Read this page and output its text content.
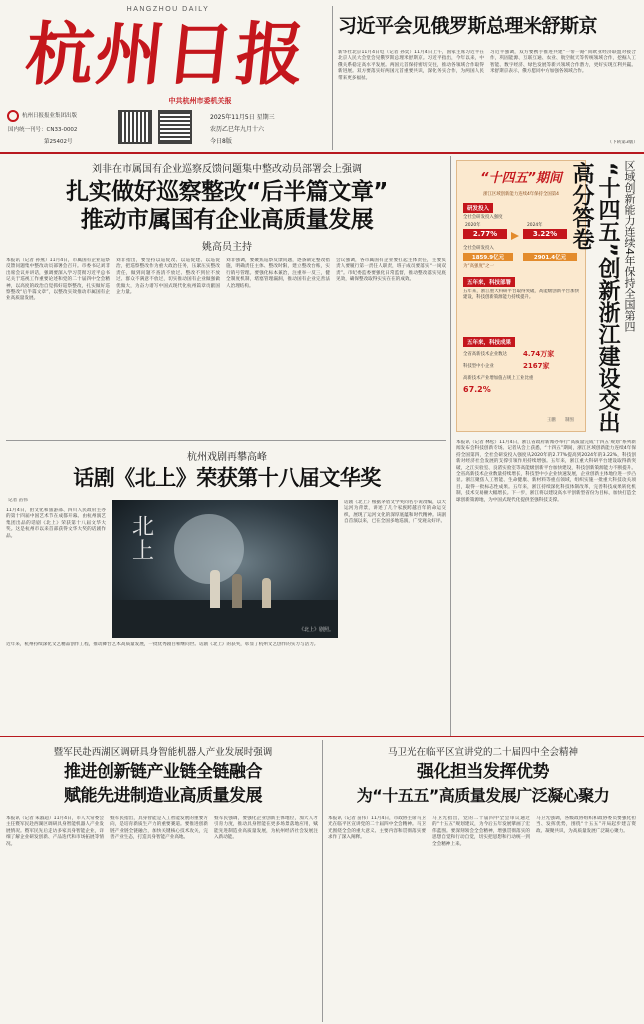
HANGZHOU DAILY
杭州日报
中共杭州市委机关报
杭州日报报业集团出版
国内统一刊号：CN33-0002
第25402号
2025年11月5日 星期三
农历乙巳年九月十六
今日8版
习近平会见俄罗斯总理米舒斯京
新华社北京11月4日电（记者 孙奕）11月4日上午，国家主席习近平在北京人民大会堂会见俄罗斯总理米舒斯京。习近平指出，今年以来，中俄关系稳定高水平发展。两国元首保持密切交往，推动各领域合作取得新进展。双方要落实好两国元首重要共识，深化务实合作，为两国人民带来更多福祉。
习近平强调，双方要携手推进共建“一带一路”同欧亚经济联盟对接合作，巩固能源、互联互通、农业、航空航天等传统领域合作，挖掘人工智能、数字经济、绿色发展等新兴领域合作潜力，更好实现互利共赢。米舒斯京表示，俄方愿同中方加强各领域合作。
（下转第3版）
刘非在市属国有企业巡察反馈问题集中整改动员部署会上强调
扎实做好巡察整改“后半篇文章”
推动市属国有企业高质量发展
姚高员主持
本报讯（记者 孙燕）11月4日，市属国有企业巡察反馈问题集中整改动员部署会召开。市委书记刘非出席会议并讲话，强调要深入学习贯彻习近平总书记关于巡视工作重要论述和党的二十届四中全会精神，以高度的政治自觉抓好巡察整改，扎实做好巡察整改“后半篇文章”，以整改实效推动市属国有企业高质量发展。
刘非指出，要坚持以巡促改、以巡促建、以巡促治，把巡察整改作为重大政治任务，压紧压实整改责任，做到问题不查清不放过、整改不到位不放过、群众不满意不放过，切实推动国有企业做强做优做大，为奋力谱写中国式现代化杭州篇章贡献国企力量。
刘非强调，要聚焦巡察反馈问题，逐条制定整改措施，明确责任主体、整改时限，建立整改台账，实行销号管理。要强化标本兼治，注重举一反三，健全制度机制，堵塞管理漏洞，推动国有企业完善法人治理结构。
会议强调，各市属国有企业要扛起主体责任，主要负责人要履行第一责任人职责，班子成员要落实“一岗双责”。市纪委监委要强化日常监督，推动整改落实见底见效，确保整改取得实实在在的成效。
杭州戏剧再攀高峰
话剧《北上》荣获第十八届文华奖
记者 苗伟
11月4日，由文化和旅游部、四川人民政府主办的第十四届中国艺术节在成都开幕。由杭州演艺集团出品的话剧《北上》荣获第十八届文华大奖。这是杭州市以来首部获得文华大奖的话剧作品。	北上
《北上》剧照。
话剧《北上》根据茅盾文学奖同名小说改编，以大运河为背景，讲述了几个家族跨越百年的命运交织，展现了运河文化的深厚底蕴和时代精神。该剧自首演以来，已在全国多地巡演，广受观众好评。
近年来，杭州持续深化文艺精品创作工程，推动舞台艺术高质量发展，一批优秀剧目相继问世。话剧《北上》的获奖，彰显了杭州文艺创作的实力与活力。
“十四五”期间
浙江区域创新能力连续4年保持全国第4
研发投入
全社会研发投入强度
2020年	2024年
2.77%	3.22%
全社会研发投入
1859.9亿元	2901.4亿元
为“高强度”之一
五年来，科技部署
五年来，浙江重大科研平台取得突破，高能级创新平台加快建设，科技创新策源能力持续提升。
五年来，科技成果
全省高新技术企业数达 4.74万家
科技型中小企业	2167家
高新技术产业增加值占规上工业比重
67.2%
王鹏 制图
区域创新能力连续4年保持全国第四
“十四五”创新浙江建设交出高分答卷
本报讯（记者 林松）11月4日，浙江省政府新闻办举行“高质量完成‘十四五’规划”系列新闻发布会科技创新专场。记者从会上获悉，“十四五”期间，浙江区域创新能力连续4年保持全国第四，全社会研发投入强度从2020年的2.77%提高到2024年的3.22%，科技创新对经济社会发展的支撑引领作用持续增强。五年来，浙江重大科研平台建设取得新突破，之江实验室、良渚实验室等高能级创新平台加快建设，科技创新策源能力不断提升。全省高新技术企业数量持续增长，科技型中小企业快速发展，企业创新主体地位进一步凸显。浙江聚焦人工智能、生命健康、新材料等重点领域，组织实施一批重大科技攻关项目，取得一批标志性成果。五年来，浙江持续深化科技体制改革，完善科技成果转化机制，技术交易额大幅增长。下一步，浙江将以建设高水平创新型省份为目标，加快打造全球创新策源地，为中国式现代化提供坚强科技支撑。
暨军民赴西湖区调研具身智能机器人产业发展时强调
推进创新链产业链全链融合
赋能先进制造业高质量发展
本报讯（记者 朱淑超）11月4日，市人大常委会主任暨军民赴西湖区调研具身智能机器人产业发展情况。暨军民先后走访多家具身智能企业，详细了解企业研发创新、产品迭代和市场拓展等情况。
暨军民指出，具身智能是人工智能发展的重要方向，是培育新质生产力的重要赛道。要推进创新链产业链全链融合，加快关键核心技术攻关，完善产业生态，打造具身智能产业高地。
暨军民强调，要强化企业创新主体地位，加大人才引育力度，推动具身智能在更多场景落地应用，赋能先进制造业高质量发展，为杭州经济社会发展注入新动能。
马卫光在临平区宣讲党的二十届四中全会精神
强化担当发挥优势
为“十五五”高质量发展广泛凝心聚力
本报讯（记者 苗伟）11月4日，市政协主席马卫光在临平区宣讲党的二十届四中全会精神。马卫光围绕全会的重大意义、主要内容和贯彻落实要求作了深入阐释。
马卫光指出，党的二十届四中全会审议通过的“十五五”规划建议，为今后五年发展擘画了宏伟蓝图。要深刻领会全会精神，增强贯彻落实的思想自觉和行动自觉，切实把思想和行动统一到全会精神上来。
马卫光强调，各级政协组织和政协委员要强化担当、发挥优势，围绕“十五五”开局起步建言资政、凝聚共识，为高质量发展广泛凝心聚力。
